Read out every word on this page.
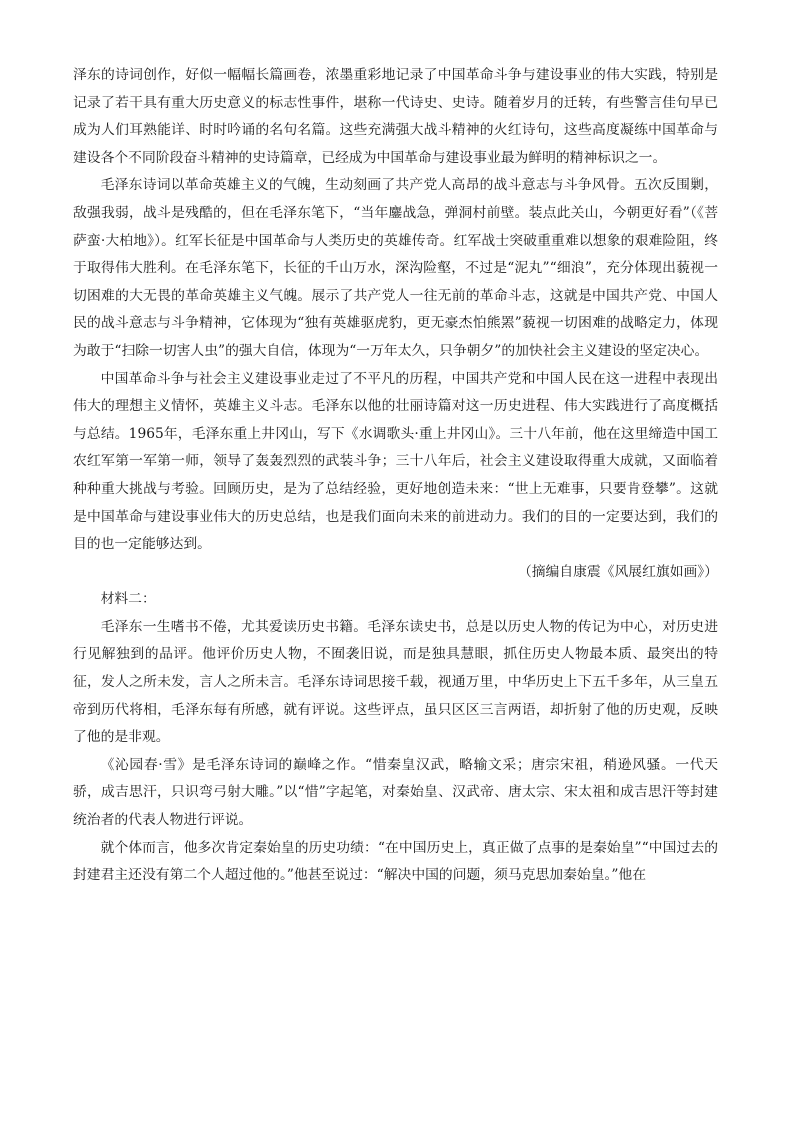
泽东的诗词创作，好似一幅幅长篇画卷，浓墨重彩地记录了中国革命斗争与建设事业的伟大实践，特别是记录了若干具有重大历史意义的标志性事件，堪称一代诗史、史诗。随着岁月的迁转，有些警言佳句早已成为人们耳熟能详、时时吟诵的名句名篇。这些充满强大战斗精神的火红诗句，这些高度凝练中国革命与建设各个不同阶段奋斗精神的史诗篇章，已经成为中国革命与建设事业最为鲜明的精神标识之一。

毛泽东诗词以革命英雄主义的气魄，生动刻画了共产党人高昂的战斗意志与斗争风骨。五次反围剿，敌强我弱，战斗是残酷的，但在毛泽东笔下，“当年鏖战急，弹洞村前壁。装点此关山，今朝更好看”（《菩萨蛮·大柏地》）。红军长征是中国革命与人类历史的英雄传奇。红军战士突破重重难以想象的艰难险阻，终于取得伟大胜利。在毛泽东笔下，长征的千山万水，深沟险壑，不过是“泥丸”“细浪”，充分体现出藐视一切困难的大无畏的革命英雄主义气魄。展示了共产党人一往无前的革命斗志，这就是中国共产党、中国人民的战斗意志与斗争精神，它体现为“独有英雄驱虎豹，更无豪杰怕熊罴”藐视一切困难的战略定力，体现为敢于“扫除一切害人虫”的强大自信，体现为“一万年太久，只争朝夕”的加快社会主义建设的坚定决心。

中国革命斗争与社会主义建设事业走过了不平凡的历程，中国共产党和中国人民在这一进程中表现出伟大的理想主义情怀，英雄主义斗志。毛泽东以他的壮丽诗篇对这一历史进程、伟大实践进行了高度概括与总结。1965年，毛泽东重上井冈山，写下《水调歌头·重上井冈山》。三十八年前，他在这里缔造中国工农红军第一军第一师，领导了轰轰烈烈的武装斗争；三十八年后，社会主义建设取得重大成就，又面临着种种重大挑战与考验。回顾历史，是为了总结经验，更好地创造未来：“世上无难事，只要肯登攀”。这就是中国革命与建设事业伟大的历史总结，也是我们面向未来的前进动力。我们的目的一定要达到，我们的目的也一定能够达到。

（摘编自康震《风展红旗如画》）

材料二：

毛泽东一生嗜书不倦，尤其爱读历史书籍。毛泽东读史书，总是以历史人物的传记为中心，对历史进行见解独到的品评。他评价历史人物，不囿袭旧说，而是独具慧眼，抓住历史人物最本质、最突出的特征，发人之所未发，言人之所未言。毛泽东诗词思接千载，视通万里，中华历史上下五千多年，从三皇五帝到历代将相，毛泽东每有所感，就有评说。这些评点，虽只区区三言两语，却折射了他的历史观，反映了他的是非观。

《沁园春·雪》是毛泽东诗词的巅峰之作。“惜秦皇汉武，略输文采；唐宗宋祖，稍逊风骚。一代天骄，成吉思汗，只识弯弓射大雕。”以“惜”字起笔，对秦始皇、汉武帝、唐太宗、宋太祖和成吉思汗等封建统治者的代表人物进行评说。

就个体而言，他多次肯定秦始皇的历史功绩：“在中国历史上，真正做了点事的是秦始皇”“中国过去的封建君主还没有第二个人超过他的。”他甚至说过：“解决中国的问题，须马克思加秦始皇。”他在
